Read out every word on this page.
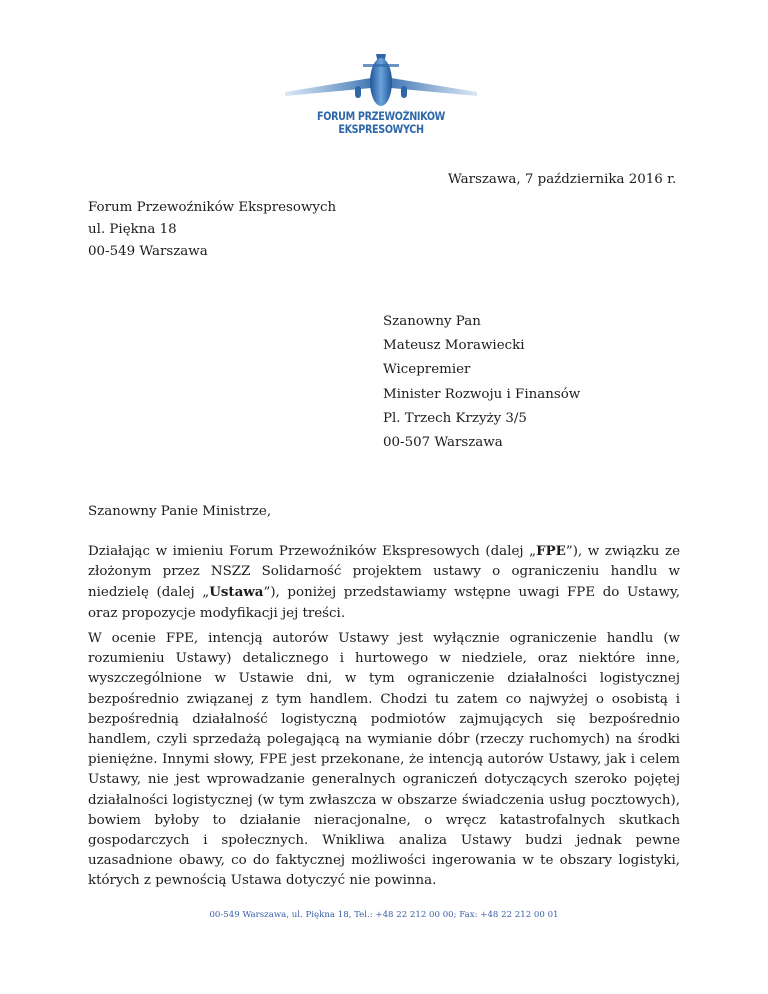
FORUM PRZEWOŹNIKÓW EKSPRESOWYCH
Warszawa, 7 października 2016 r.
Forum Przewoźników Ekspresowych
ul. Piękna 18
00-549 Warszawa
Szanowny Pan
Mateusz Morawiecki
Wicepremier
Minister Rozwoju i Finansów
Pl. Trzech Krzyży 3/5
00-507 Warszawa
Szanowny Panie Ministrze,

Działając w imieniu Forum Przewoźników Ekspresowych (dalej „FPE”), w związku ze złożonym przez NSZZ Solidarność projektem ustawy o ograniczeniu handlu w niedzielę (dalej „Ustawa”), poniżej przedstawiamy wstępne uwagi FPE do Ustawy, oraz propozycje modyfikacji jej treści.

W ocenie FPE, intencją autorów Ustawy jest wyłącznie ograniczenie handlu (w rozumieniu Ustawy) detalicznego i hurtowego w niedziele, oraz niektóre inne, wyszczególnione w Ustawie dni, w tym ograniczenie działalności logistycznej bezpośrednio związanej z tym handlem. Chodzi tu zatem co najwyżej o osobistą i bezpośrednią działalność logistyczną podmiotów zajmujących się bezpośrednio handlem, czyli sprzedażą polegającą na wymianie dóbr (rzeczy ruchomych) na środki pieniężne. Innymi słowy, FPE jest przekonane, że intencją autorów Ustawy, jak i celem Ustawy, nie jest wprowadzanie generalnych ograniczeń dotyczących szeroko pojętej działalności logistycznej (w tym zwłaszcza w obszarze świadczenia usług pocztowych), bowiem byłoby to działanie nieracjonalne, o wręcz katastrofalnych skutkach gospodarczych i społecznych. Wnikliwa analiza Ustawy budzi jednak pewne uzasadnione obawy, co do faktycznej możliwości ingerowania w te obszary logistyki, których z pewnością Ustawa dotyczyć nie powinna.

00-549 Warszawa, ul. Piękna 18, Tel.: +48 22 212 00 00; Fax: +48 22 212 00 01
